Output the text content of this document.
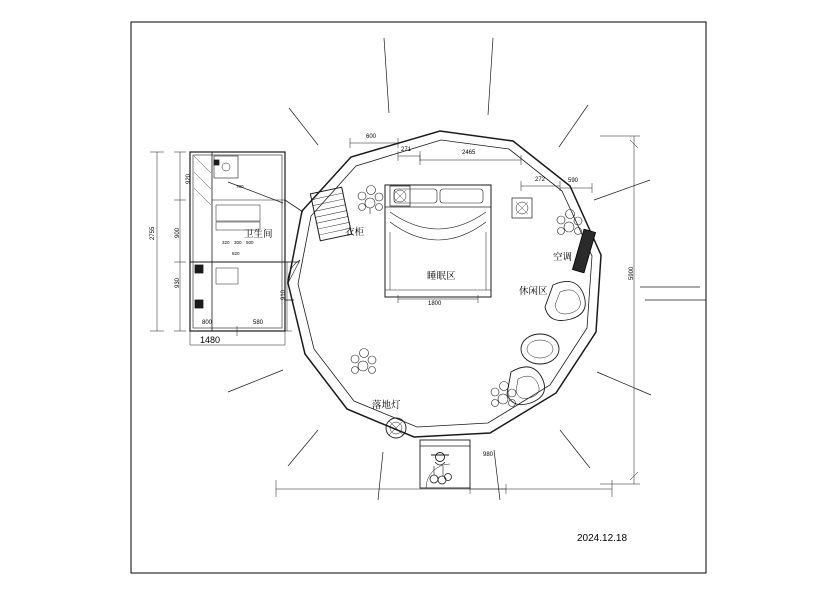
卫生间	衣柜
睡眠区
空调
休闲区
落地灯
5900
2755
920
900
930
1480
800	580
320 300 500
820
700
910
600
271	2465
272	590
1800
980
2024.12.18
